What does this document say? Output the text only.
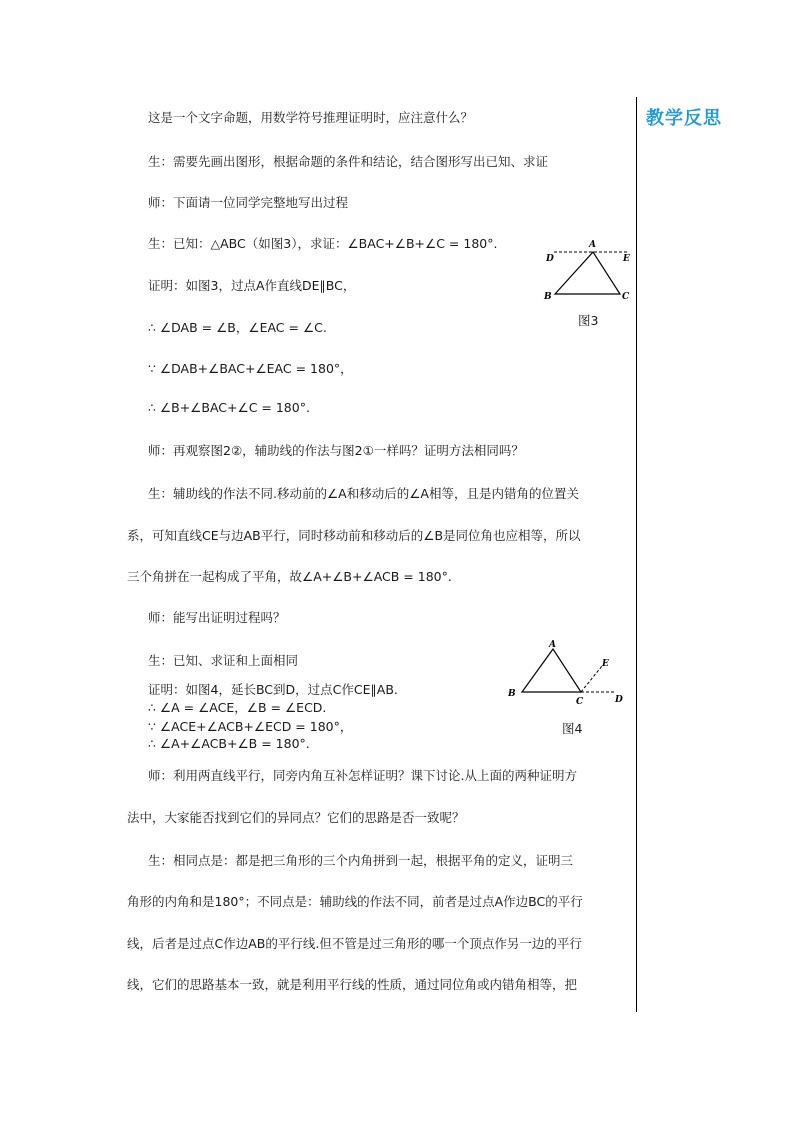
教学反思
这是一个文字命题，用数学符号推理证明时，应注意什么？
生：需要先画出图形，根据命题的条件和结论，结合图形写出已知、求证
师：下面请一位同学完整地写出过程
生：已知：△ABC（如图3），求证：∠BAC+∠B+∠C = 180°.
证明：如图3，过点A作直线DE∥BC，
∴ ∠DAB = ∠B，∠EAC = ∠C.
∵ ∠DAB+∠BAC+∠EAC = 180°，
∴ ∠B+∠BAC+∠C = 180°.
师：再观察图2②，辅助线的作法与图2①一样吗？证明方法相同吗？
生：辅助线的作法不同.移动前的∠A和移动后的∠A相等，且是内错角的位置关
系，可知直线CE与边AB平行，同时移动前和移动后的∠B是同位角也应相等，所以
三个角拼在一起构成了平角，故∠A+∠B+∠ACB = 180°.
师：能写出证明过程吗？
生：已知、求证和上面相同
证明：如图4，延长BC到D，过点C作CE∥AB.
∴ ∠A = ∠ACE，∠B = ∠ECD.
∵ ∠ACE+∠ACB+∠ECD = 180°，
∴ ∠A+∠ACB+∠B = 180°.
师：利用两直线平行，同旁内角互补怎样证明？课下讨论.从上面的两种证明方
法中，大家能否找到它们的异同点？它们的思路是否一致呢？
生：相同点是：都是把三角形的三个内角拼到一起，根据平角的定义，证明三
角形的内角和是180°；不同点是：辅助线的作法不同，前者是过点A作边BC的平行
线，后者是过点C作边AB的平行线.但不管是过三角形的哪一个顶点作另一边的平行
线，它们的思路基本一致，就是利用平行线的性质，通过同位角或内错角相等，把
A
D	E
B	C
图3
A
B
C	D
E
图4
